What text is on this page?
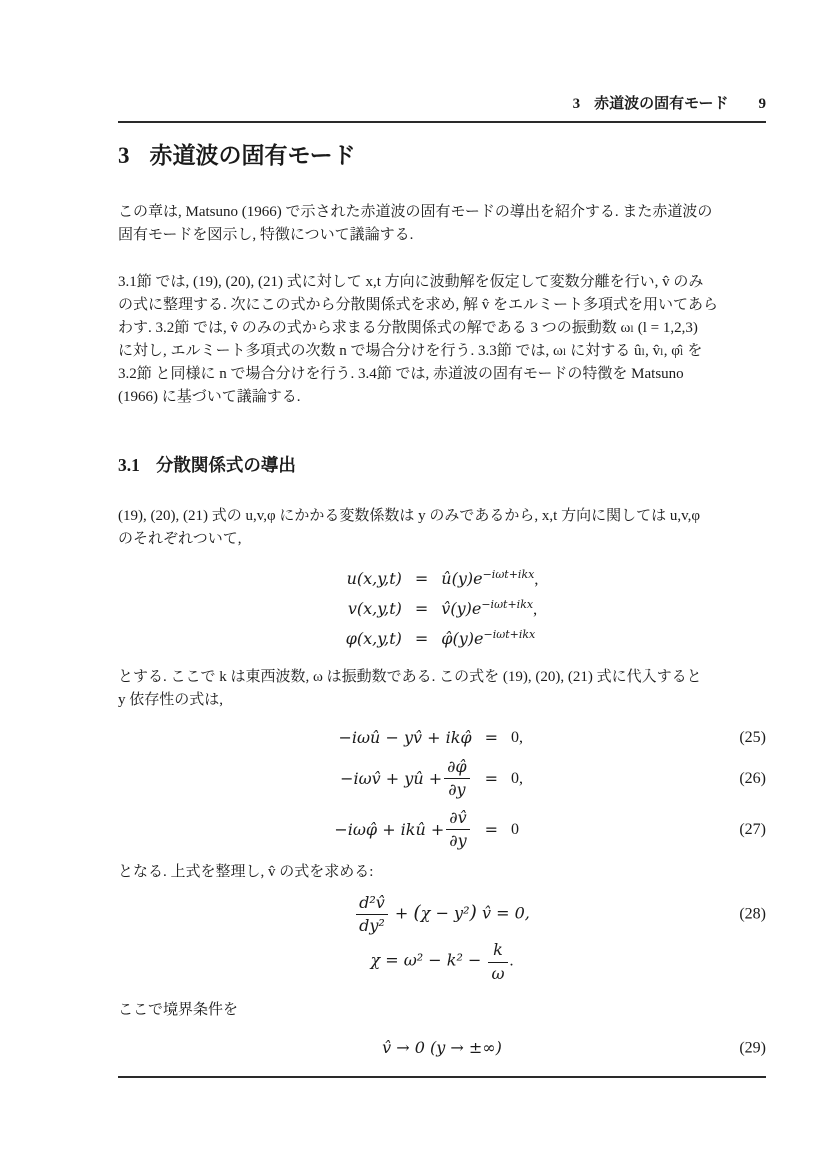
3 赤道波の固有モード 9
3 赤道波の固有モード

この章は, Matsuno (1966) で示された赤道波の固有モードの導出を紹介する. また赤道波の
固有モードを図示し, 特徴について議論する.

3.1節 では, (19), (20), (21) 式に対して x,t 方向に波動解を仮定して変数分離を行い, v̂ のみ
の式に整理する. 次にこの式から分散関係式を求め, 解 v̂ をエルミート多項式を用いてあら
わす. 3.2節 では, v̂ のみの式から求まる分散関係式の解である 3 つの振動数 ωₗ (l = 1,2,3)
に対し, エルミート多項式の次数 n で場合分けを行う. 3.3節 では, ωₗ に対する ûₗ, v̂ₗ, φ̂ₗ を
3.2節 と同様に n で場合分けを行う. 3.4節 では, 赤道波の固有モードの特徴を Matsuno
(1966) に基づいて議論する.

3.1 分散関係式の導出

(19), (20), (21) 式の u,v,φ にかかる変数係数は y のみであるから, x,t 方向に関しては u,v,φ
のそれぞれついて,

$u(x,y,t) = û(y)e^{-i\omega t+ikx}$,
$v(x,y,t) = v̂(y)e^{-i\omega t+ikx}$,
$\varphi(x,y,t) = \varphî(y)e^{-i\omega t+ikx}$

とする. ここで k は東西波数, ω は振動数である. この式を (19), (20), (21) 式に代入すると
y 依存性の式は,

−iωû − yv̂ + ikφ̂ = 0,	(25)
−iωv̂ + yû + $\frac{\partial\varphî}{\partial y} = 0$,	(26)
−iωφ̂ + ikû + $\frac{\partial v̂}{\partial y} = 0$	(27)

となる. 上式を整理し, v̂ の式を求める:

$\frac{\text{d²v̂}}{\text{dy²}} + (\chi - y^2)$ v̂ = 0,	(28)
$\chi = \omega^2 - k^2 - \frac{k}{\omega}$ .

ここで境界条件を

v̂ → 0 (y → ±∞)	(29)
